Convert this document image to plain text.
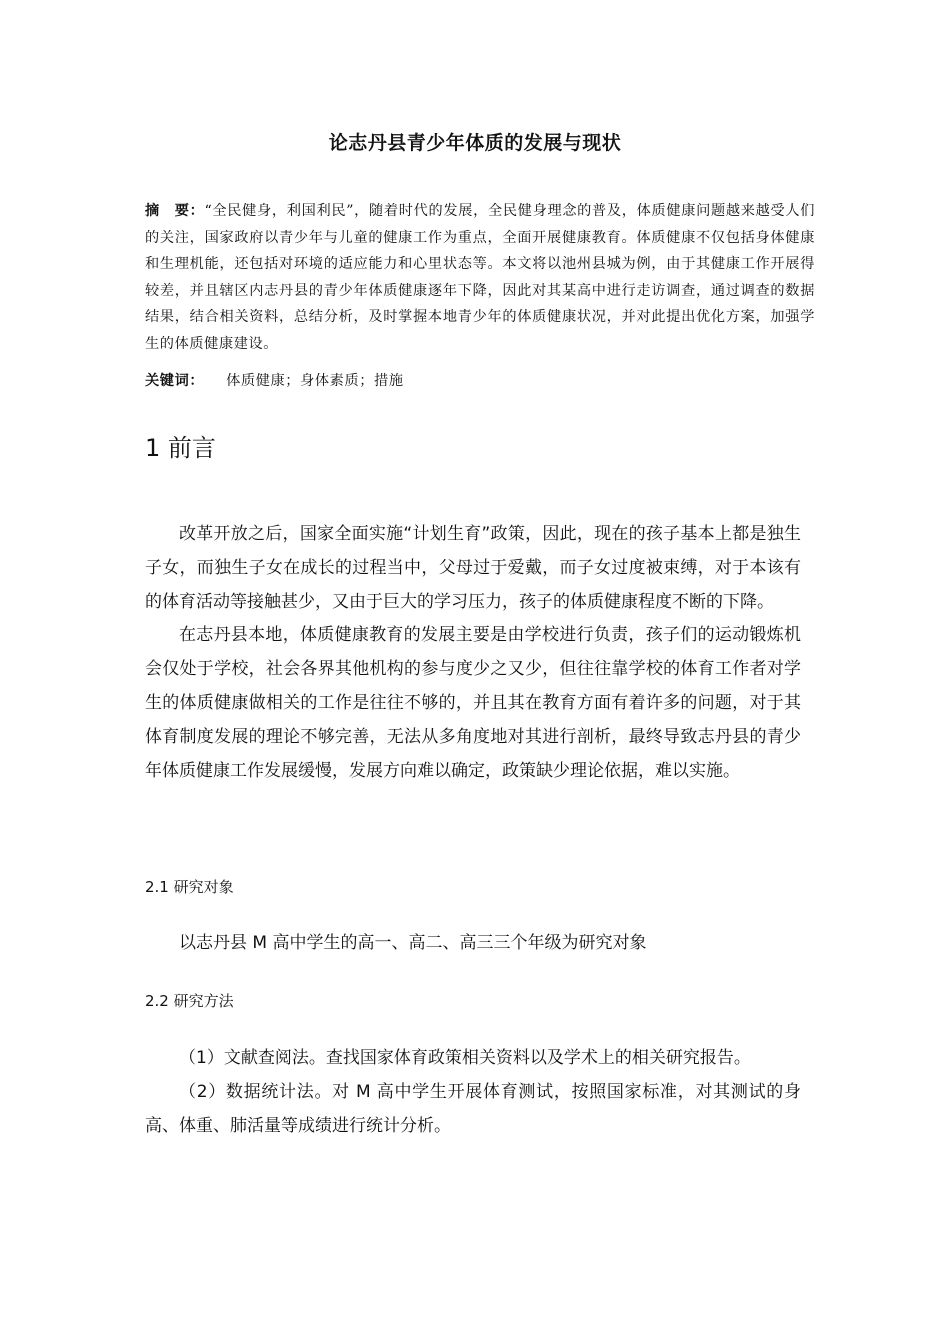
论志丹县青少年体质的发展与现状
摘　要：“全民健身，利国利民”，随着时代的发展，全民健身理念的普及，体质健康问题越来越受人们的关注，国家政府以青少年与儿童的健康工作为重点，全面开展健康教育。体质健康不仅包括身体健康和生理机能，还包括对环境的适应能力和心里状态等。本文将以池州县城为例，由于其健康工作开展得较差，并且辖区内志丹县的青少年体质健康逐年下降，因此对其某高中进行走访调查，通过调查的数据结果，结合相关资料，总结分析，及时掌握本地青少年的体质健康状况，并对此提出优化方案，加强学生的体质健康建设。
关键词： 体质健康；身体素质；措施
1 前言

改革开放之后，国家全面实施“计划生育”政策，因此，现在的孩子基本上都是独生子女，而独生子女在成长的过程当中，父母过于爱戴，而子女过度被束缚，对于本该有的体育活动等接触甚少，又由于巨大的学习压力，孩子的体质健康程度不断的下降。

在志丹县本地，体质健康教育的发展主要是由学校进行负责，孩子们的运动锻炼机会仅处于学校，社会各界其他机构的参与度少之又少，但往往靠学校的体育工作者对学生的体质健康做相关的工作是往往不够的，并且其在教育方面有着许多的问题，对于其体育制度发展的理论不够完善，无法从多角度地对其进行剖析，最终导致志丹县的青少年体质健康工作发展缓慢，发展方向难以确定，政策缺少理论依据，难以实施。

2.1 研究对象

以志丹县 M 高中学生的高一、高二、高三三个年级为研究对象

2.2 研究方法

（1）文献查阅法。查找国家体育政策相关资料以及学术上的相关研究报告。

（2）数据统计法。对 M 高中学生开展体育测试，按照国家标准，对其测试的身高、体重、肺活量等成绩进行统计分析。
